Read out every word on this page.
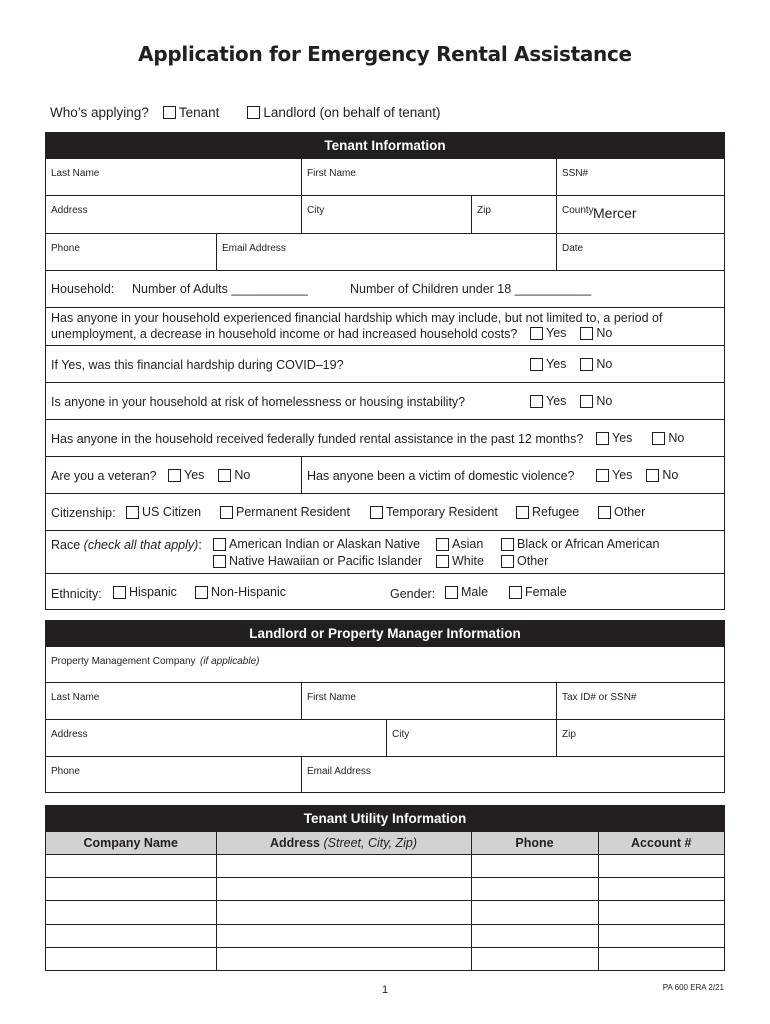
Application for Emergency Rental Assistance
Who’s applying? Tenant	Landlord (on behalf of tenant)
Tenant Information
Last Name	First Name	SSN#
Address	City	Zip	County Mercer
Phone	Email Address	Date
Household: Number of Adults ___________	Number of Children under 18 ___________
Has anyone in your household experienced financial hardship which may include, but not limited to, a period of
unemployment, a decrease in household income or had increased household costs? Yes No
If Yes, was this financial hardship during COVID–19?	Yes No
Is anyone in your household at risk of homelessness or housing instability?	Yes No
Has anyone in the household received federally funded rental assistance in the past 12 months? Yes	No
Are you a veteran? Yes No	Has anyone been a victim of domestic violence?	Yes No
Citizenship: US Citizen	Permanent Resident	Temporary Resident	Refugee	Other
Race (check all that apply): American Indian or Alaskan Native	Asian	Black or African American
Native Hawaiian or Pacific Islander White	Other
Ethnicity: Hispanic	Non-Hispanic	Gender: Male	Female
Landlord or Property Manager Information
Property Management Company (if applicable)
Last Name	First Name	Tax ID# or SSN#
Address	City	Zip
Phone	Email Address
Tenant Utility Information
Company Name	Address (Street, City, Zip)	Phone	Account #

1	PA 600 ERA 2/21
